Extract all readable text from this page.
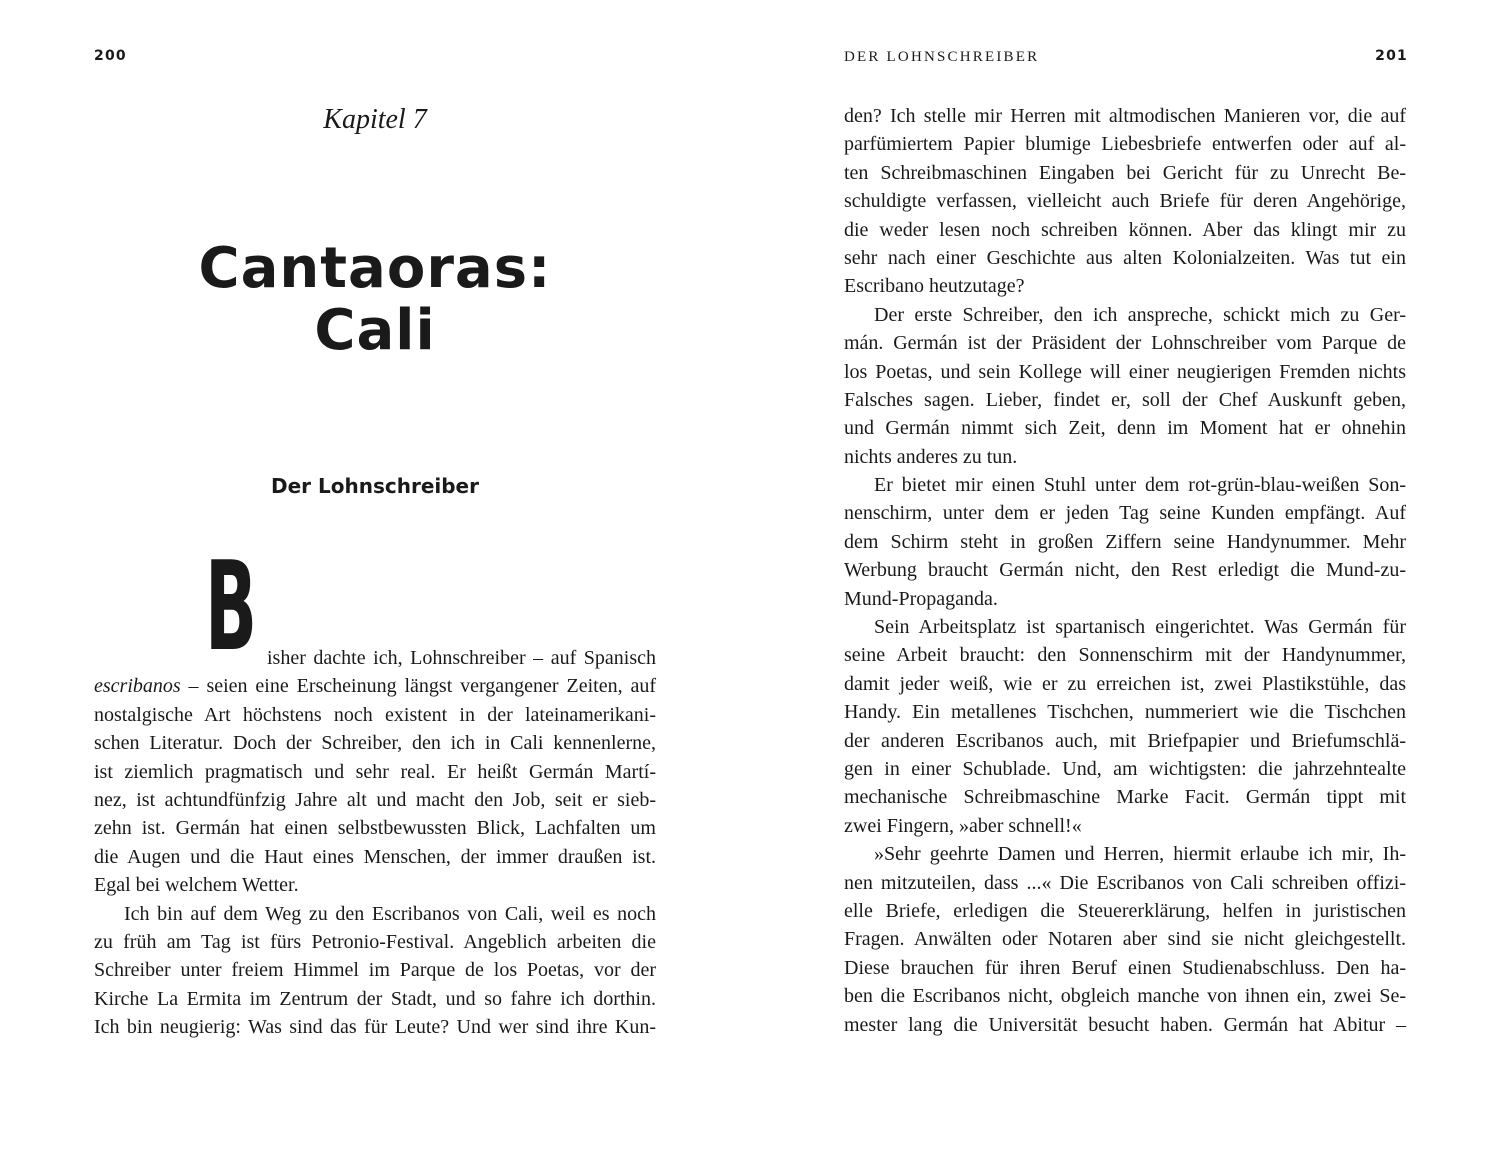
200
Kapitel 7
Cantaoras:
Cali
Der Lohnschreiber
B isher dachte ich, Lohnschreiber – auf Spanisch
escribanos – seien eine Erscheinung längst vergangener Zeiten, auf
nostalgische Art höchstens noch existent in der lateinamerikani-
schen Literatur. Doch der Schreiber, den ich in Cali kennenlerne,
ist ziemlich pragmatisch und sehr real. Er heißt Germán Martí-
nez, ist achtundfünfzig Jahre alt und macht den Job, seit er sieb-
zehn ist. Germán hat einen selbstbewussten Blick, Lachfalten um
die Augen und die Haut eines Menschen, der immer draußen ist.
Egal bei welchem Wetter.
Ich bin auf dem Weg zu den Escribanos von Cali, weil es noch
zu früh am Tag ist fürs Petronio-Festival. Angeblich arbeiten die
Schreiber unter freiem Himmel im Parque de los Poetas, vor der
Kirche La Ermita im Zentrum der Stadt, und so fahre ich dorthin.
Ich bin neugierig: Was sind das für Leute? Und wer sind ihre Kun-
DER LOHNSCHREIBER	201
den? Ich stelle mir Herren mit altmodischen Manieren vor, die auf
parfümiertem Papier blumige Liebesbriefe entwerfen oder auf al-
ten Schreibmaschinen Eingaben bei Gericht für zu Unrecht Be-
schuldigte verfassen, vielleicht auch Briefe für deren Angehörige,
die weder lesen noch schreiben können. Aber das klingt mir zu
sehr nach einer Geschichte aus alten Kolonialzeiten. Was tut ein
Escribano heutzutage?
Der erste Schreiber, den ich anspreche, schickt mich zu Ger-
mán. Germán ist der Präsident der Lohnschreiber vom Parque de
los Poetas, und sein Kollege will einer neugierigen Fremden nichts
Falsches sagen. Lieber, findet er, soll der Chef Auskunft geben,
und Germán nimmt sich Zeit, denn im Moment hat er ohnehin
nichts anderes zu tun.
Er bietet mir einen Stuhl unter dem rot-grün-blau-weißen Son-
nenschirm, unter dem er jeden Tag seine Kunden empfängt. Auf
dem Schirm steht in großen Ziffern seine Handynummer. Mehr
Werbung braucht Germán nicht, den Rest erledigt die Mund-zu-
Mund-Propaganda.
Sein Arbeitsplatz ist spartanisch eingerichtet. Was Germán für
seine Arbeit braucht: den Sonnenschirm mit der Handynummer,
damit jeder weiß, wie er zu erreichen ist, zwei Plastikstühle, das
Handy. Ein metallenes Tischchen, nummeriert wie die Tischchen
der anderen Escribanos auch, mit Briefpapier und Briefumschlä-
gen in einer Schublade. Und, am wichtigsten: die jahrzehntealte
mechanische Schreibmaschine Marke Facit. Germán tippt mit
zwei Fingern, »aber schnell!«
»Sehr geehrte Damen und Herren, hiermit erlaube ich mir, Ih-
nen mitzuteilen, dass ...« Die Escribanos von Cali schreiben offizi-
elle Briefe, erledigen die Steuererklärung, helfen in juristischen
Fragen. Anwälten oder Notaren aber sind sie nicht gleichgestellt.
Diese brauchen für ihren Beruf einen Studienabschluss. Den ha-
ben die Escribanos nicht, obgleich manche von ihnen ein, zwei Se-
mester lang die Universität besucht haben. Germán hat Abitur –
